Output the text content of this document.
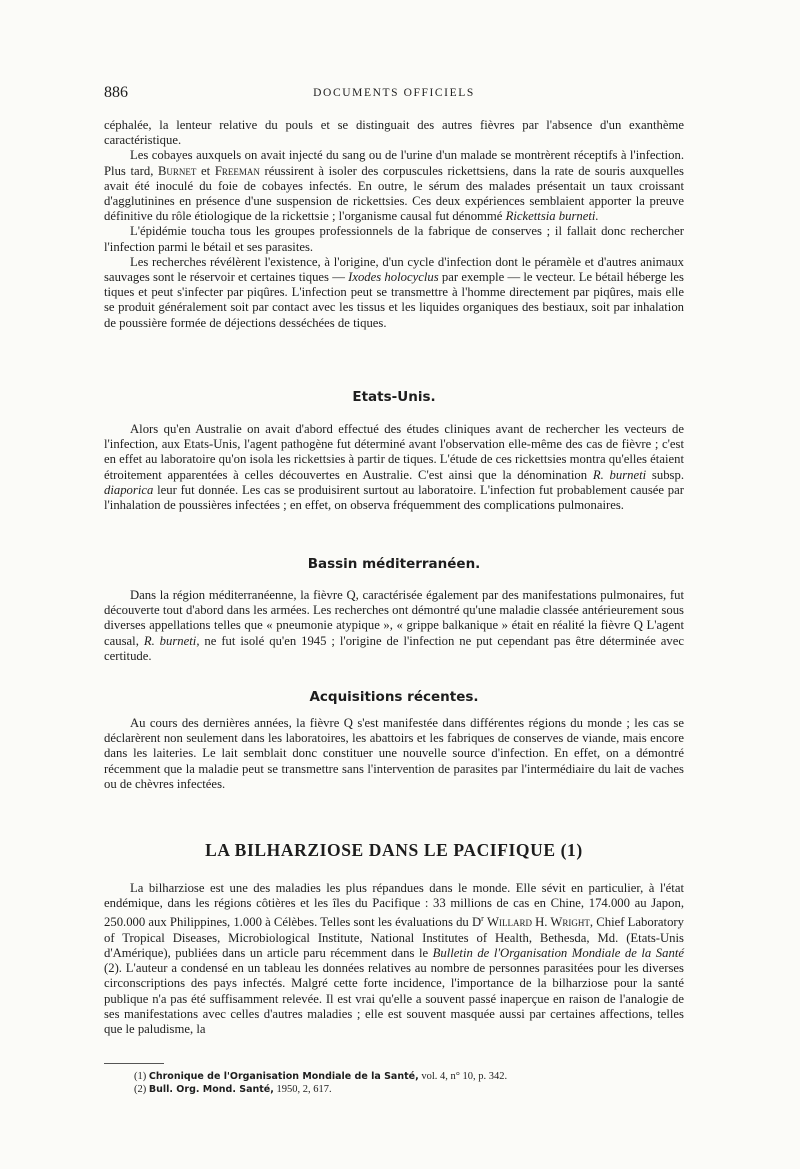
886	DOCUMENTS OFFICIELS

céphalée, la lenteur relative du pouls et se distinguait des autres fièvres par l'absence d'un exanthème caractéristique.

Les cobayes auxquels on avait injecté du sang ou de l'urine d'un malade se montrèrent réceptifs à l'infection. Plus tard, Burnet et Freeman réussirent à isoler des corpuscules rickettsiens, dans la rate de souris auxquelles avait été inoculé du foie de cobayes infectés. En outre, le sérum des malades présentait un taux croissant d'agglutinines en présence d'une suspension de rickettsies. Ces deux expériences semblaient apporter la preuve définitive du rôle étiologique de la rickettsie ; l'organisme causal fut dénommé Rickettsia burneti.

L'épidémie toucha tous les groupes professionnels de la fabrique de conserves ; il fallait donc rechercher l'infection parmi le bétail et ses parasites.

Les recherches révélèrent l'existence, à l'origine, d'un cycle d'infection dont le péramèle et d'autres animaux sauvages sont le réservoir et certaines tiques — Ixodes holocyclus par exemple — le vecteur. Le bétail héberge les tiques et peut s'infecter par piqûres. L'infection peut se transmettre à l'homme directement par piqûres, mais elle se produit généralement soit par contact avec les tissus et les liquides organiques des bestiaux, soit par inhalation de poussière formée de déjections desséchées de tiques.

Etats-Unis.

Alors qu'en Australie on avait d'abord effectué des études cliniques avant de rechercher les vecteurs de l'infection, aux Etats-Unis, l'agent pathogène fut déterminé avant l'observation elle-même des cas de fièvre ; c'est en effet au laboratoire qu'on isola les rickettsies à partir de tiques. L'étude de ces rickettsies montra qu'elles étaient étroitement apparentées à celles découvertes en Australie. C'est ainsi que la dénomination R. burneti subsp. diaporica leur fut donnée. Les cas se produisirent surtout au laboratoire. L'infection fut probablement causée par l'inhalation de poussières infectées ; en effet, on observa fréquemment des complications pulmonaires.

Bassin méditerranéen.

Dans la région méditerranéenne, la fièvre Q, caractérisée également par des manifestations pulmonaires, fut découverte tout d'abord dans les armées. Les recherches ont démontré qu'une maladie classée antérieurement sous diverses appellations telles que « pneumonie atypique », « grippe balkanique » était en réalité la fièvre Q L'agent causal, R. burneti, ne fut isolé qu'en 1945 ; l'origine de l'infection ne put cependant pas être déterminée avec certitude.

Acquisitions récentes.

Au cours des dernières années, la fièvre Q s'est manifestée dans différentes régions du monde ; les cas se déclarèrent non seulement dans les laboratoires, les abattoirs et les fabriques de conserves de viande, mais encore dans les laiteries. Le lait semblait donc constituer une nouvelle source d'infection. En effet, on a démontré récemment que la maladie peut se transmettre sans l'intervention de parasites par l'intermédiaire du lait de vaches ou de chèvres infectées.

LA BILHARZIOSE DANS LE PACIFIQUE (1)

La bilharziose est une des maladies les plus répandues dans le monde. Elle sévit en particulier, à l'état endémique, dans les régions côtières et les îles du Pacifique : 33 millions de cas en Chine, 174.000 au Japon, 250.000 aux Philippines, 1.000 à Célèbes. Telles sont les évaluations du $D^r$ Willard H. Wright, Chief Laboratory of Tropical Diseases, Microbiological Institute, National Institutes of Health, Bethesda, Md. (Etats-Unis d'Amérique), publiées dans un article paru récemment dans le Bulletin de l'Organisation Mondiale de la Santé (2). L'auteur a condensé en un tableau les données relatives au nombre de personnes parasitées pour les diverses circonscriptions des pays infectés. Malgré cette forte incidence, l'importance de la bilharziose pour la santé publique n'a pas été suffisamment relevée. Il est vrai qu'elle a souvent passé inaperçue en raison de l'analogie de ses manifestations avec celles d'autres maladies ; elle est souvent masquée aussi par certaines affections, telles que le paludisme, la

(1) Chronique de l'Organisation Mondiale de la Santé, vol. 4, n° 10, p. 342.
(2) Bull. Org. Mond. Santé, 1950, 2, 617.
